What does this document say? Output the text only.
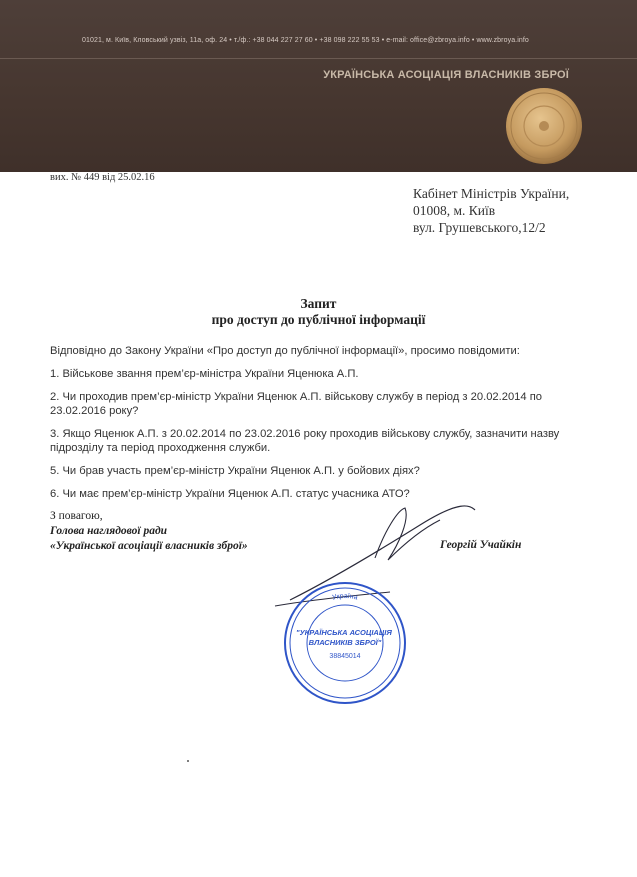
01021, м. Київ, Кловський узвіз, 11а, оф. 24 • т./ф.: +38 044 227 27 60 • +38 098 222 55 53 • e-mail: office@zbroya.info • www.zbroya.info
УКРАЇНСЬКА АСОЦІАЦІЯ ВЛАСНИКІВ ЗБРОЇ
вих. № 449 від 25.02.16
Кабінет Міністрів України,
01008, м. Київ
вул. Грушевського,12/2
Запит
про доступ до публічної інформації

Відповідно до Закону України «Про доступ до публічної інформації», просимо повідомити:

1. Військове звання прем’єр-міністра України Яценюка А.П.

2. Чи проходив прем’єр-міністр України Яценюк А.П. військову службу в період з 20.02.2014 по 23.02.2016 року?

3. Якщо Яценюк А.П. з 20.02.2014 по 23.02.2016 року проходив військову службу, зазначити назву підрозділу та період проходження служби.

5. Чи брав участь прем’єр-міністр України Яценюк А.П. у бойових діях?

6. Чи має прем’єр-міністр України Яценюк А.П. статус учасника АТО?

З повагою,
Голова наглядової ради
«Української асоціації власників зброї»	Георгій Учайкін
Україна
"УКРАЇНСЬКА АСОЦІАЦІЯ ВЛАСНИКІВ ЗБРОЇ"
38845014
